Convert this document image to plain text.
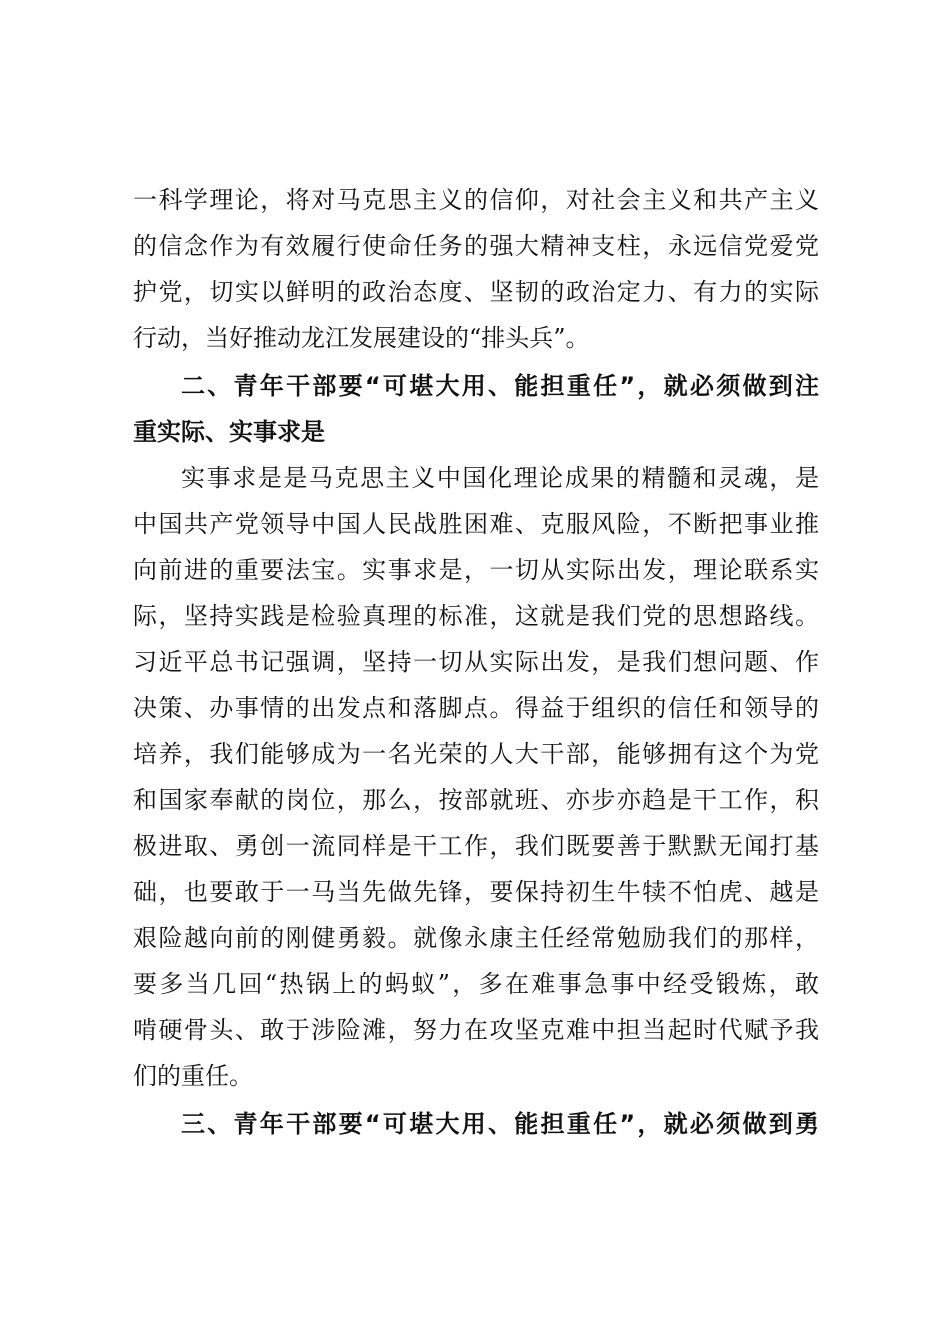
一科学理论，将对马克思主义的信仰，对社会主义和共产主义
的信念作为有效履行使命任务的强大精神支柱，永远信党爱党
护党，切实以鲜明的政治态度、坚韧的政治定力、有力的实际
行动，当好推动龙江发展建设的“排头兵”。
二、青年干部要“可堪大用、能担重任”，就必须做到注
重实际、实事求是
实事求是是马克思主义中国化理论成果的精髓和灵魂，是
中国共产党领导中国人民战胜困难、克服风险，不断把事业推
向前进的重要法宝。实事求是，一切从实际出发，理论联系实
际，坚持实践是检验真理的标准，这就是我们党的思想路线。
习近平总书记强调，坚持一切从实际出发，是我们想问题、作
决策、办事情的出发点和落脚点。得益于组织的信任和领导的
培养，我们能够成为一名光荣的人大干部，能够拥有这个为党
和国家奉献的岗位，那么，按部就班、亦步亦趋是干工作，积
极进取、勇创一流同样是干工作，我们既要善于默默无闻打基
础，也要敢于一马当先做先锋，要保持初生牛犊不怕虎、越是
艰险越向前的刚健勇毅。就像永康主任经常勉励我们的那样，
要多当几回“热锅上的蚂蚁”，多在难事急事中经受锻炼，敢
啃硬骨头、敢于涉险滩，努力在攻坚克难中担当起时代赋予我
们的重任。
三、青年干部要“可堪大用、能担重任”，就必须做到勇
